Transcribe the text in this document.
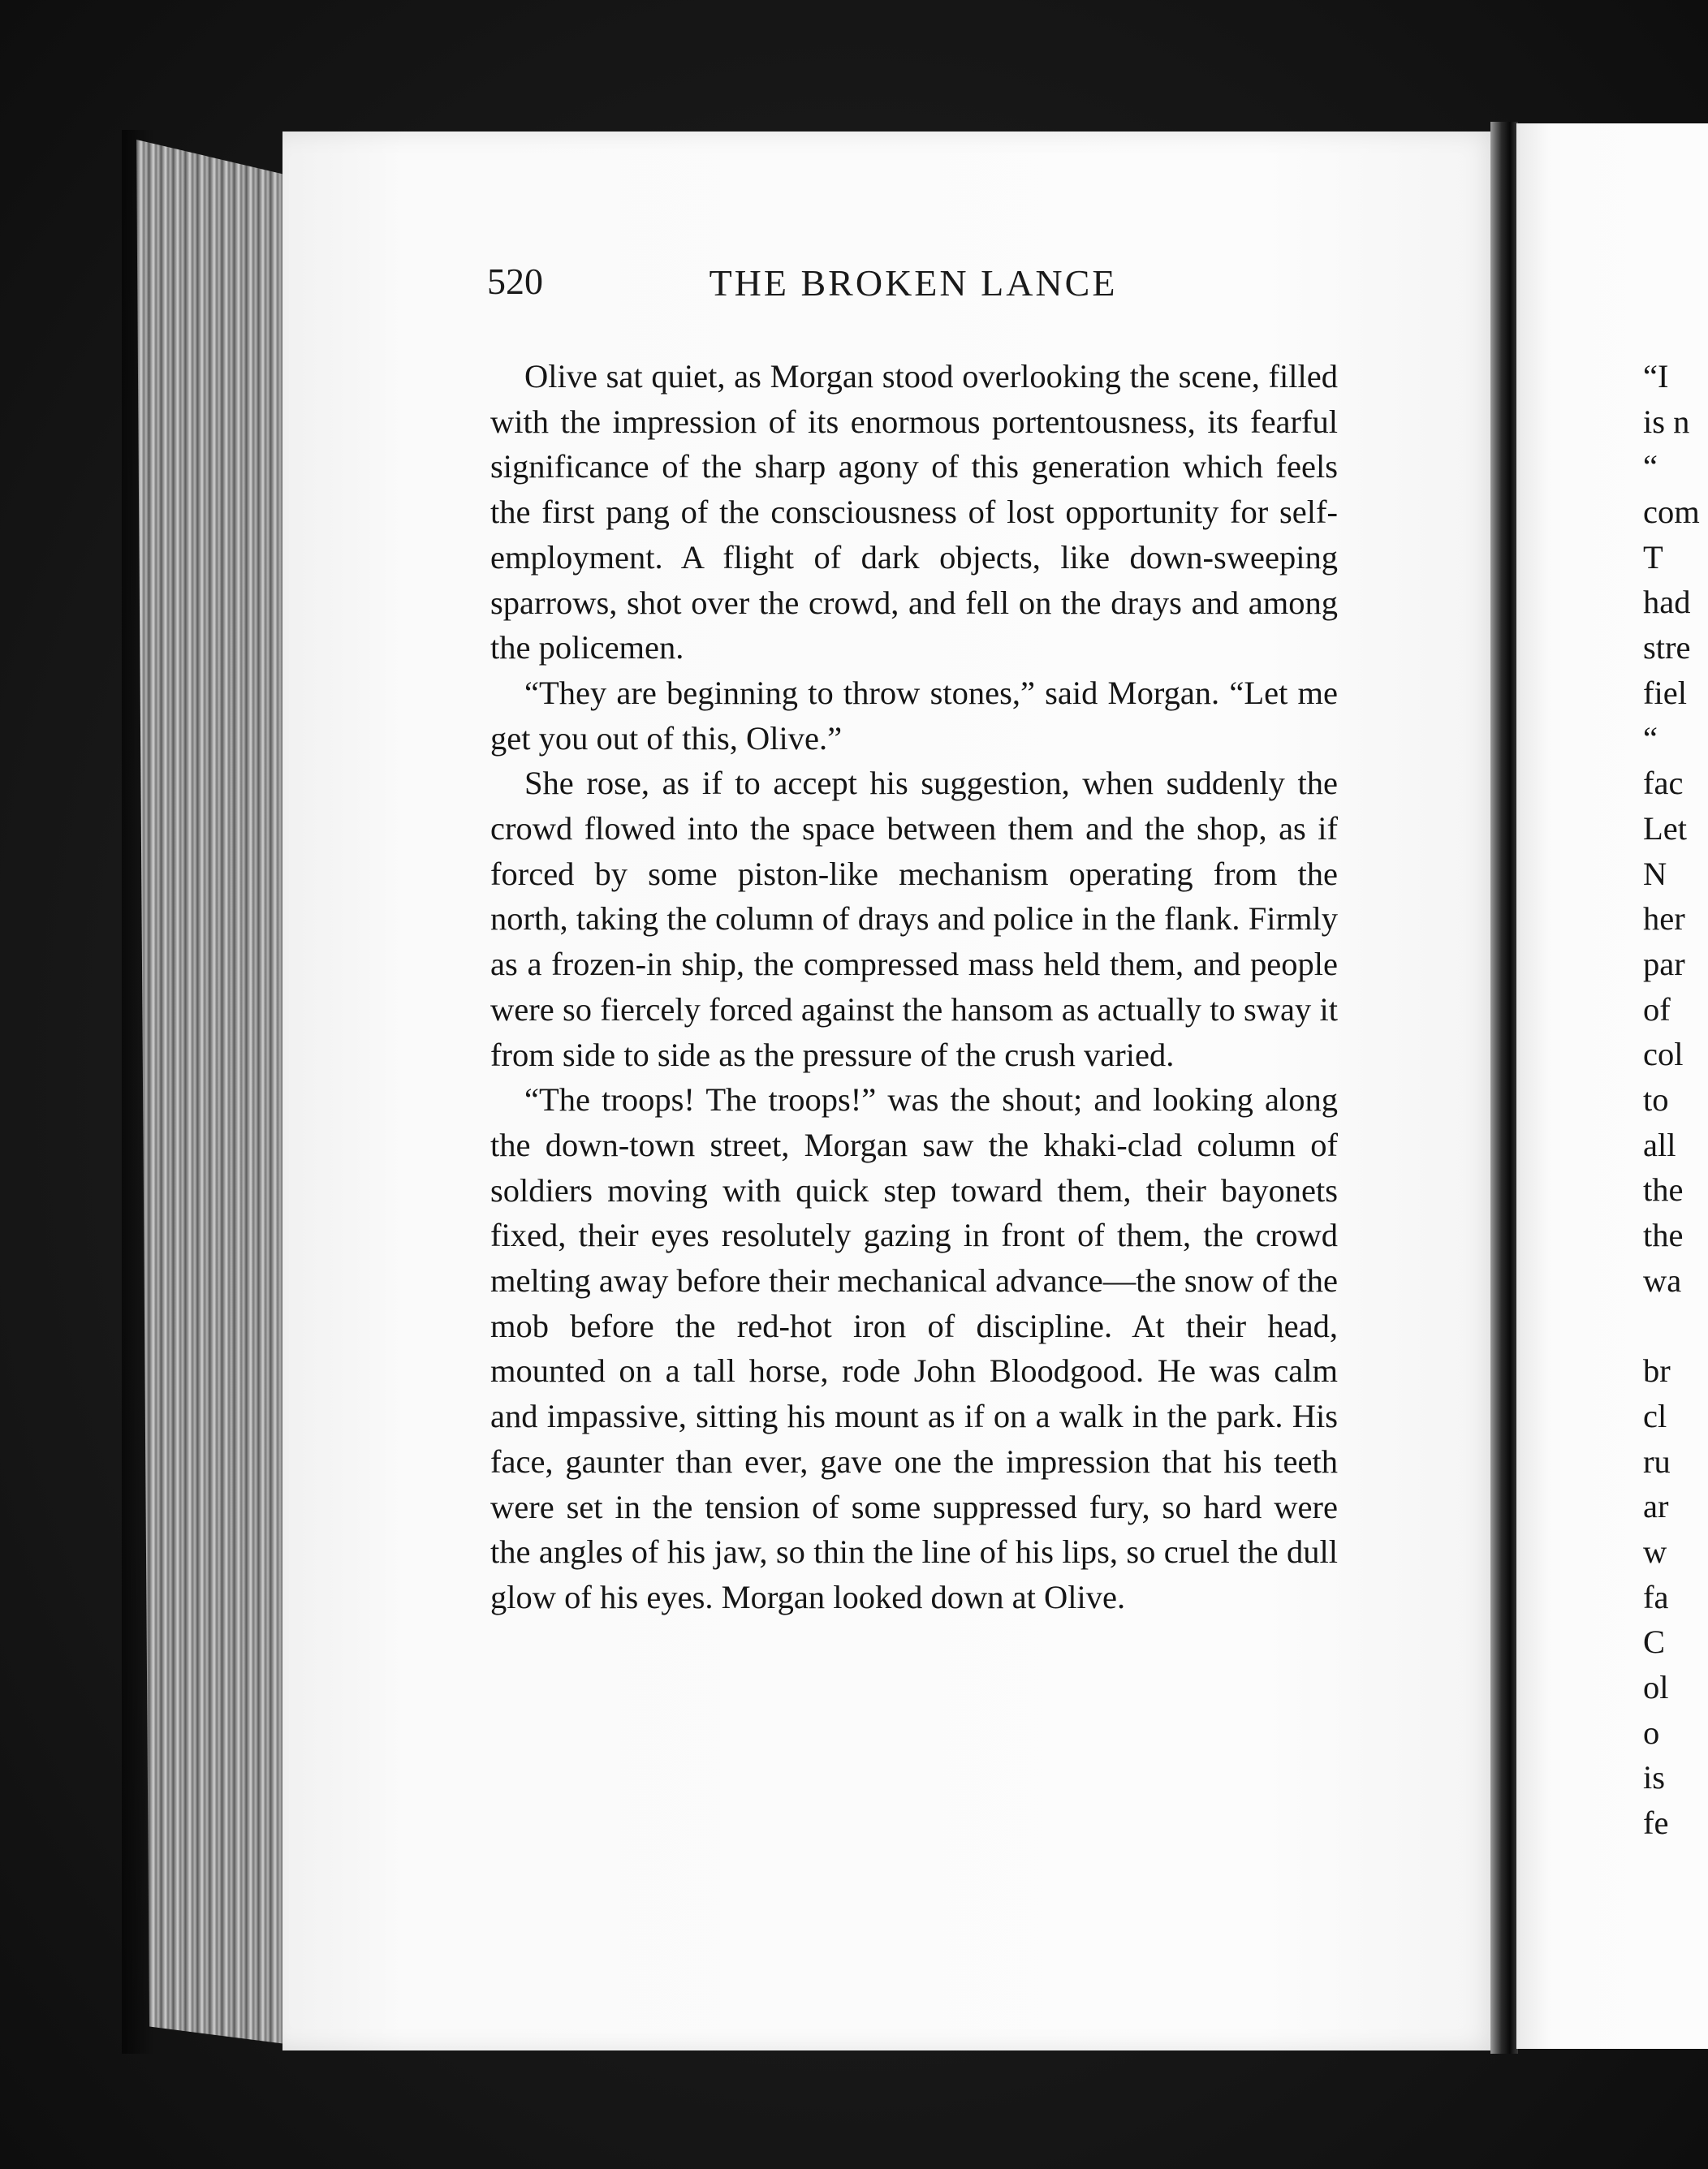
520	THE BROKEN LANCE

Olive sat quiet, as Morgan stood overlooking the scene, filled with the impression of its enormous portentousness, its fearful significance of the sharp agony of this generation which feels the first pang of the consciousness of lost opportunity for self-employment. A flight of dark objects, like down-sweeping sparrows, shot over the crowd, and fell on the drays and among the policemen.

“They are beginning to throw stones,” said Morgan. “Let me get you out of this, Olive.”

She rose, as if to accept his suggestion, when suddenly the crowd flowed into the space between them and the shop, as if forced by some piston-like mechanism operating from the north, taking the column of drays and police in the flank. Firmly as a frozen-in ship, the compressed mass held them, and people were so fiercely forced against the hansom as actually to sway it from side to side as the pressure of the crush varied.

“The troops! The troops!” was the shout; and looking along the down-town street, Morgan saw the khaki-clad column of soldiers moving with quick step toward them, their bayonets fixed, their eyes resolutely gazing in front of them, the crowd melting away before their mechanical advance—the snow of the mob before the red-hot iron of discipline. At their head, mounted on a tall horse, rode John Bloodgood. He was calm and impassive, sitting his mount as if on a walk in the park. His face, gaunter than ever, gave one the impression that his teeth were set in the tension of some suppressed fury, so hard were the angles of his jaw, so thin the line of his lips, so cruel the dull glow of his eyes. Morgan looked down at Olive.

“I
is n
“
com
T
had
stre
fiel
“
fac
Let
N
her
par
of
col
to
all
the
the
wa
br
cl
ru
ar
w
fa
C
ol
o
is
fe
